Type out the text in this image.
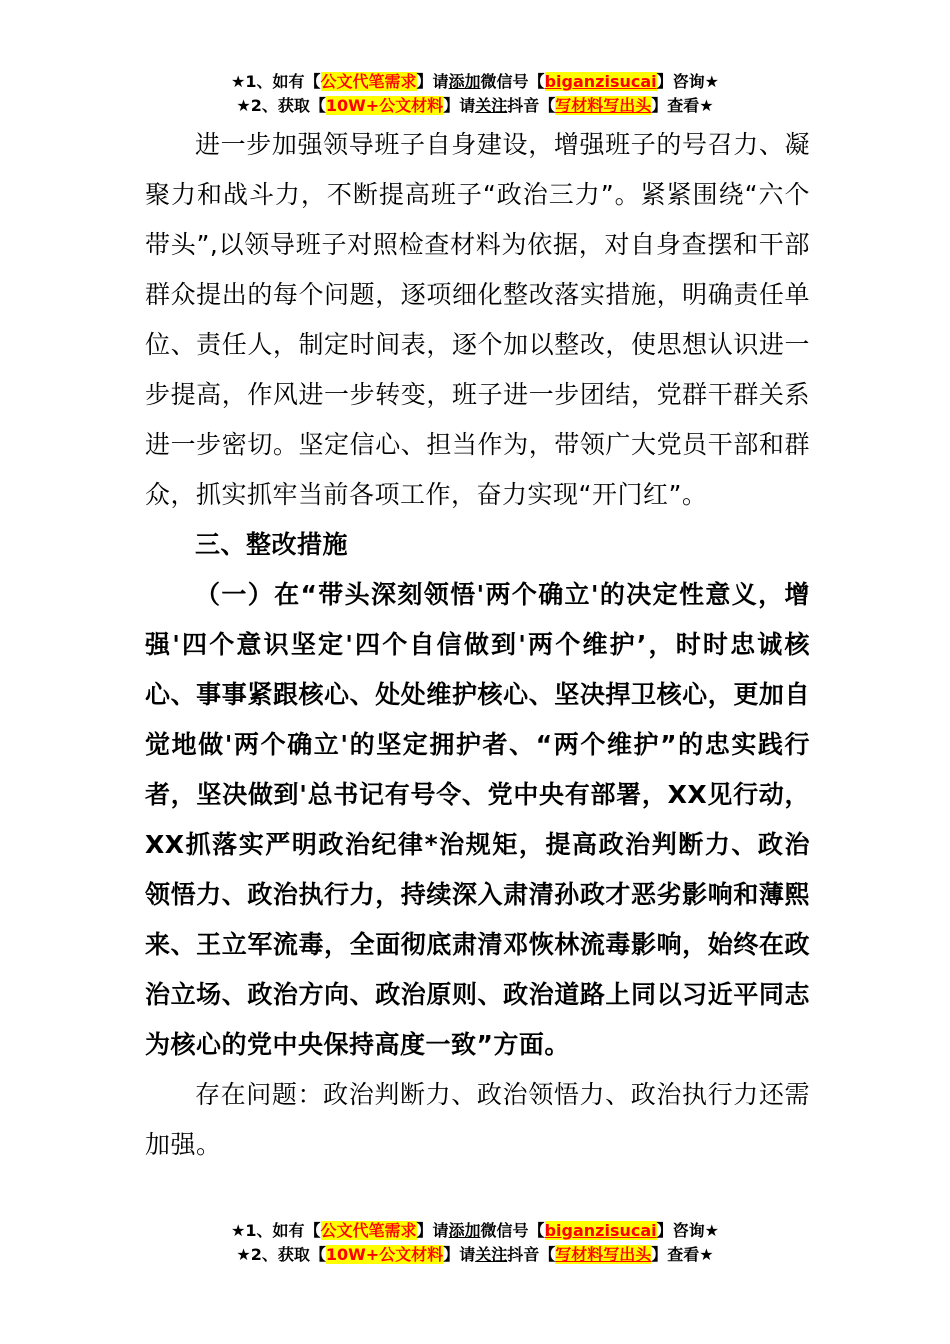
★1、如有【公文代笔需求】请添加微信号【biganzisucai】咨询★
★2、获取【10W+公文材料】请关注抖音【写材料写出头】查看★

进一步加强领导班子自身建设，增强班子的号召力、凝聚力和战斗力，不断提高班子“政治三力”。紧紧围绕“六个带头”,以领导班子对照检查材料为依据，对自身查摆和干部群众提出的每个问题，逐项细化整改落实措施，明确责任单位、责任人，制定时间表，逐个加以整改，使思想认识进一步提高，作风进一步转变，班子进一步团结，党群干群关系进一步密切。坚定信心、担当作为，带领广大党员干部和群众，抓实抓牢当前各项工作，奋力实现“开门红”。

三、整改措施

（一）在“带头深刻领悟'两个确立'的决定性意义，增强'四个意识坚定'四个自信做到'两个维护’，时时忠诚核心、事事紧跟核心、处处维护核心、坚决捍卫核心，更加自觉地做'两个确立'的坚定拥护者、“两个维护”的忠实践行者，坚决做到'总书记有号令、党中央有部署，XX见行动，XX抓落实严明政治纪律*治规矩，提高政治判断力、政治领悟力、政治执行力，持续深入肃清孙政才恶劣影响和薄熙来、王立军流毒，全面彻底肃清邓恢林流毒影响，始终在政治立场、政治方向、政治原则、政治道路上同以习近平同志为核心的党中央保持高度一致”方面。

存在问题：政治判断力、政治领悟力、政治执行力还需加强。

★1、如有【公文代笔需求】请添加微信号【biganzisucai】咨询★
★2、获取【10W+公文材料】请关注抖音【写材料写出头】查看★
